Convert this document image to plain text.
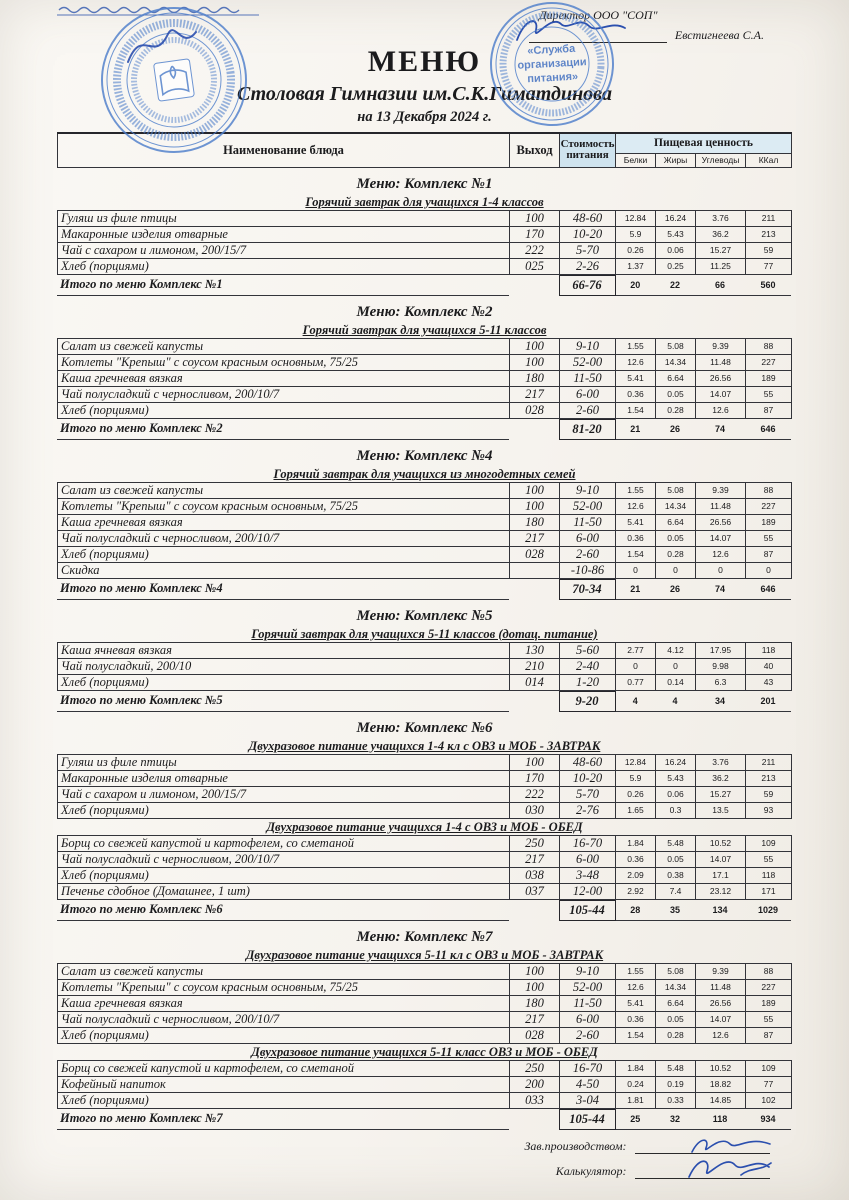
Директор ООО "СОП"
Евстигнеева С.А.
МЕНЮ
Столовая Гимназии им.С.К.Гиматдинова
на 13 Декабря 2024 г.
Наименование блюда	Выход	Стоимость питания	Пищевая ценность			
			Белки	Жиры	Углеводы	ККал
Меню: Комплекс №1
Горячий завтрак для учащихся 1-4 классов
Гуляш из филе птицы	100	48-60	12.84	16.24	3.76	211
Макаронные изделия отварные	170	10-20	5.9	5.43	36.2	213
Чай с сахаром и лимоном, 200/15/7	222	5-70	0.26	0.06	15.27	59
Хлеб (порциями)	025	2-26	1.37	0.25	11.25	77
Итого по меню Комплекс №1		66-76	20	22	66	560
Меню: Комплекс №2
Горячий завтрак для учащихся 5-11 классов
Салат из свежей капусты	100	9-10	1.55	5.08	9.39	88
Котлеты "Крепыш" с соусом красным основным, 75/25	100	52-00	12.6	14.34	11.48	227
Каша гречневая вязкая	180	11-50	5.41	6.64	26.56	189
Чай полусладкий с черносливом, 200/10/7	217	6-00	0.36	0.05	14.07	55
Хлеб (порциями)	028	2-60	1.54	0.28	12.6	87
Итого по меню Комплекс №2		81-20	21	26	74	646
Меню: Комплекс №4
Горячий завтрак для учащихся из многодетных семей
Салат из свежей капусты	100	9-10	1.55	5.08	9.39	88
Котлеты "Крепыш" с соусом красным основным, 75/25	100	52-00	12.6	14.34	11.48	227
Каша гречневая вязкая	180	11-50	5.41	6.64	26.56	189
Чай полусладкий с черносливом, 200/10/7	217	6-00	0.36	0.05	14.07	55
Хлеб (порциями)	028	2-60	1.54	0.28	12.6	87
Скидка		-10-86	0	0	0	0
Итого по меню Комплекс №4		70-34	21	26	74	646
Меню: Комплекс №5
Горячий завтрак для учащихся 5-11 классов (дотац. питание)
Каша ячневая вязкая	130	5-60	2.77	4.12	17.95	118
Чай полусладкий, 200/10	210	2-40	0	0	9.98	40
Хлеб (порциями)	014	1-20	0.77	0.14	6.3	43
Итого по меню Комплекс №5		9-20	4	4	34	201
Меню: Комплекс №6
Двухразовое питание учащихся 1-4 кл с ОВЗ и МОБ - ЗАВТРАК
Гуляш из филе птицы	100	48-60	12.84	16.24	3.76	211
Макаронные изделия отварные	170	10-20	5.9	5.43	36.2	213
Чай с сахаром и лимоном, 200/15/7	222	5-70	0.26	0.06	15.27	59
Хлеб (порциями)	030	2-76	1.65	0.3	13.5	93
Двухразовое питание учащихся 1-4 с ОВЗ и МОБ - ОБЕД
Борщ со свежей капустой и картофелем, со сметаной	250	16-70	1.84	5.48	10.52	109
Чай полусладкий с черносливом, 200/10/7	217	6-00	0.36	0.05	14.07	55
Хлеб (порциями)	038	3-48	2.09	0.38	17.1	118
Печенье сдобное (Домашнее, 1 шт)	037	12-00	2.92	7.4	23.12	171
Итого по меню Комплекс №6		105-44	28	35	134	1029
Меню: Комплекс №7
Двухразовое питание учащихся 5-11 кл с ОВЗ и МОБ - ЗАВТРАК
Салат из свежей капусты	100	9-10	1.55	5.08	9.39	88
Котлеты "Крепыш" с соусом красным основным, 75/25	100	52-00	12.6	14.34	11.48	227
Каша гречневая вязкая	180	11-50	5.41	6.64	26.56	189
Чай полусладкий с черносливом, 200/10/7	217	6-00	0.36	0.05	14.07	55
Хлеб (порциями)	028	2-60	1.54	0.28	12.6	87
Двухразовое питание учащихся 5-11 класс ОВЗ и МОБ - ОБЕД
Борщ со свежей капустой и картофелем, со сметаной	250	16-70	1.84	5.48	10.52	109
Кофейный напиток	200	4-50	0.24	0.19	18.82	77
Хлеб (порциями)	033	3-04	1.81	0.33	14.85	102
Итого по меню Комплекс №7		105-44	25	32	118	934
Зав.производством:
Калькулятор:
«Служба
организации
питания»
